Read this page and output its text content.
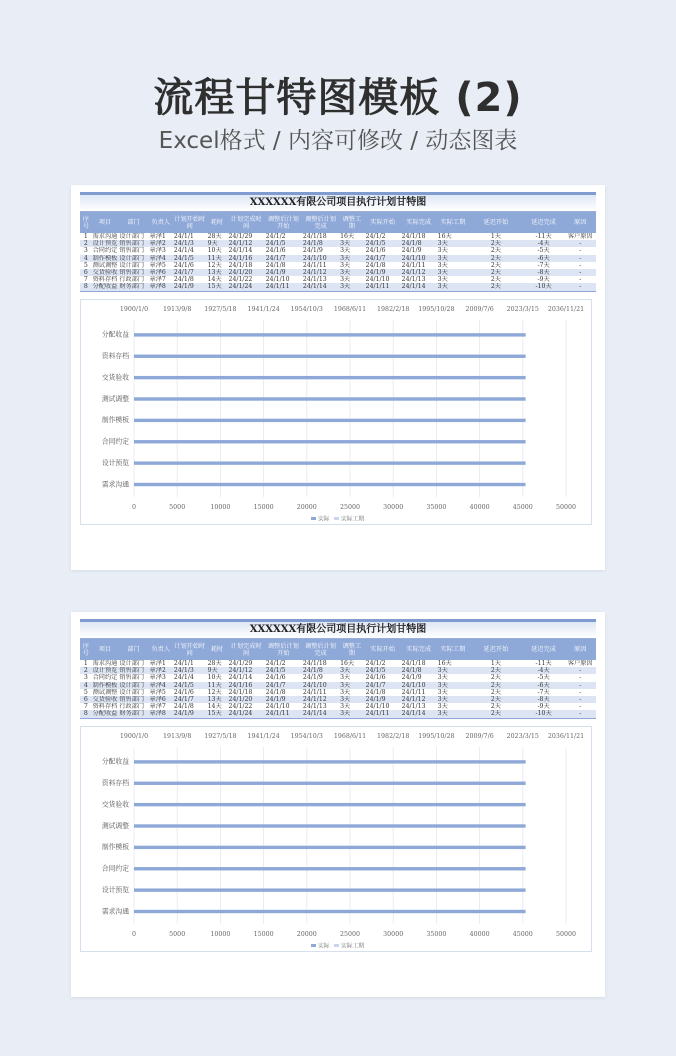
流程甘特图模板 (2)
Excel格式 / 内容可修改 / 动态图表
XXXXXX有限公司项目执行计划甘特图
序号	项目	部门	负责人	计划开始时间	耗时	计划完成时间	调整后计划开始	调整后计划完成	调整工期	实际开始	实际完成	实际工期	延迟开始	延迟完成	原因
1	需求沟通	设计部门	章泽1	24/1/1	28天	24/1/29	24/1/2	24/1/18	16天	24/1/2	24/1/18	16天	1天	-11天	客户原因
2	设计预览	销售部门	章泽2	24/1/3	9天	24/1/12	24/1/5	24/1/8	3天	24/1/5	24/1/8	3天	2天	-4天	-
3	合同约定	销售部门	章泽3	24/1/4	10天	24/1/14	24/1/6	24/1/9	3天	24/1/6	24/1/9	3天	2天	-5天	-
4	制作模板	设计部门	章泽4	24/1/5	11天	24/1/16	24/1/7	24/1/10	3天	24/1/7	24/1/10	3天	2天	-6天	-
5	测试调整	设计部门	章泽5	24/1/6	12天	24/1/18	24/1/8	24/1/11	3天	24/1/8	24/1/11	3天	2天	-7天	-
6	交货验收	销售部门	章泽6	24/1/7	13天	24/1/20	24/1/9	24/1/12	3天	24/1/9	24/1/12	3天	2天	-8天	-
7	资料存档	行政部门	章泽7	24/1/8	14天	24/1/22	24/1/10	24/1/13	3天	24/1/10	24/1/13	3天	2天	-9天	-
8	分配收益	财务部门	章泽8	24/1/9	15天	24/1/24	24/1/11	24/1/14	3天	24/1/11	24/1/14	3天	2天	-10天	-
1900/1/0 1913/9/8 1927/5/18 1941/1/24 1954/10/3 1968/6/11 1982/2/18 1995/10/28 2009/7/6 2023/3/15 2036/11/21
0	5000	10000	15000	20000	25000	30000	35000	40000	45000	50000
需求沟通
设计预览
合同约定
制作模板
测试调整
交货验收
资料存档
分配收益
实际 实际工期
XXXXXX有限公司项目执行计划甘特图
序号	项目	部门	负责人	计划开始时间	耗时	计划完成时间	调整后计划开始	调整后计划完成	调整工期	实际开始	实际完成	实际工期	延迟开始	延迟完成	原因
1	需求沟通	设计部门	章泽1	24/1/1	28天	24/1/29	24/1/2	24/1/18	16天	24/1/2	24/1/18	16天	1天	-11天	客户原因
2	设计预览	销售部门	章泽2	24/1/3	9天	24/1/12	24/1/5	24/1/8	3天	24/1/5	24/1/8	3天	2天	-4天	-
3	合同约定	销售部门	章泽3	24/1/4	10天	24/1/14	24/1/6	24/1/9	3天	24/1/6	24/1/9	3天	2天	-5天	-
4	制作模板	设计部门	章泽4	24/1/5	11天	24/1/16	24/1/7	24/1/10	3天	24/1/7	24/1/10	3天	2天	-6天	-
5	测试调整	设计部门	章泽5	24/1/6	12天	24/1/18	24/1/8	24/1/11	3天	24/1/8	24/1/11	3天	2天	-7天	-
6	交货验收	销售部门	章泽6	24/1/7	13天	24/1/20	24/1/9	24/1/12	3天	24/1/9	24/1/12	3天	2天	-8天	-
7	资料存档	行政部门	章泽7	24/1/8	14天	24/1/22	24/1/10	24/1/13	3天	24/1/10	24/1/13	3天	2天	-9天	-
8	分配收益	财务部门	章泽8	24/1/9	15天	24/1/24	24/1/11	24/1/14	3天	24/1/11	24/1/14	3天	2天	-10天	-
1900/1/0 1913/9/8 1927/5/18 1941/1/24 1954/10/3 1968/6/11 1982/2/18 1995/10/28 2009/7/6 2023/3/15 2036/11/21
0	5000	10000	15000	20000	25000	30000	35000	40000	45000	50000
需求沟通
设计预览
合同约定
制作模板
测试调整
交货验收
资料存档
分配收益
实际 实际工期
